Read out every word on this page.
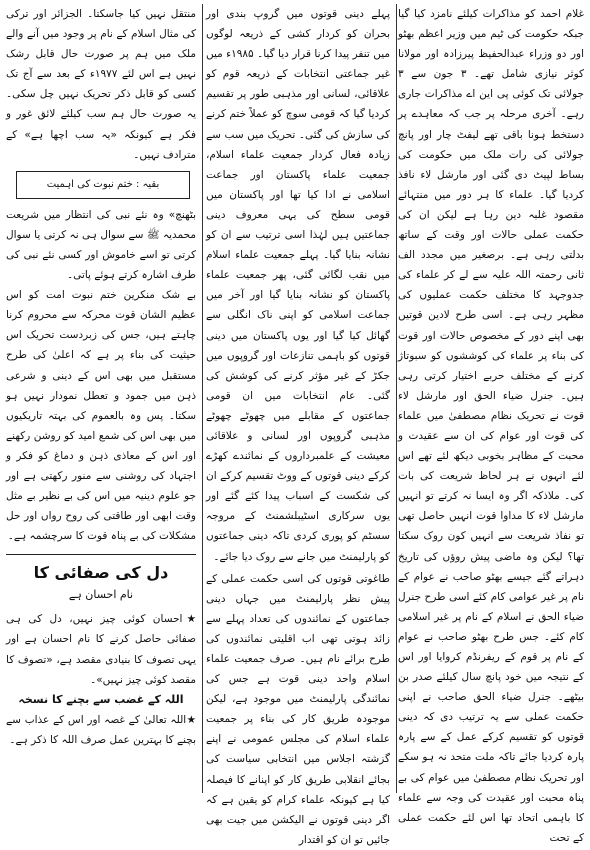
غلام احمد کو مذاکرات کیلئے نامزد کیا گیا جبکہ حکومت کی ٹیم میں وزیر اعظم بھٹو اور دو وزراء عبدالحفیظ پیرزادہ اور مولانا کوثر نیازی شامل تھے۔ ۳ جون سے ۳ جولائی تک کوئی پی این اے مذاکرات جاری رہے۔ آخری مرحلہ پر جب کہ معاہدے پر دستخط ہونا باقی تھے لیفٹ چار اور پانچ جولائی کی رات ملک میں حکومت کی بساط لپیٹ دی گئی اور مارشل لاء نافذ کردیا گیا۔ علماء کا ہر دور میں منتہائے مقصود غلبہ دین رہا ہے لیکن ان کی حکمت عملی حالات اور وقت کے ساتھ بدلتی رہی ہے۔ برصغیر میں مجدد الف ثانی رحمتہ اللہ علیہ سے لے کر علماء کی جدوجہد کا مختلف حکمت عملیوں کی مظہر رہی ہے۔ اسی طرح لادین قوتیں بھی اپنے دور کے مخصوص حالات اور قوت کی بناء پر علماء کی کوششوں کو سبوتاژ کرنے کے مختلف حربے اختیار کرتی رہی ہیں۔ جنرل ضیاء الحق اور مارشل لاء قوت نے تحریک نظام مصطفیٰ میں علماء کی قوت اور عوام کی ان سے عقیدت و محبت کے مظاہر بخوبی دیکھ لئے تھے اس لئے انہوں نے ہر لحاظ شریعت کی بات کی۔ ملاذکہ اگر وہ ایسا نہ کرتے تو انہیں مارشل لاء کا مداوا قوت انہیں حاصل تھی تو نفاذ شریعت سے انہیں کون روک سکتا تھا؟ لیکن وہ ماضی پیش روؤں کی تاریخ دہراتے گئے جیسے بھٹو صاحب نے عوام کے نام پر غیر عوامی کام کئے اسی طرح جنرل ضیاء الحق نے اسلام کے نام پر غیر اسلامی کام کئے۔ جس طرح بھٹو صاحب نے عوام کے نام پر قوم کے ریفرنڈم کروایا اور اس کے نتیجہ میں خود پانچ سال کیلئے صدر بن بیٹھے۔ جنرل ضیاء الحق صاحب نے اپنی حکمت عملی سے یہ ترتیب دی کہ دینی قوتوں کو تقسیم کرکے عمل کے سے پارہ پارہ کردیا جائے تاکہ ملت متحد نہ ہو سکے اور تحریک نظام مصطفیٰ میں عوام کی بے پناہ محبت اور عقیدت کی وجہ سے علماء کا باہمی اتحاد تھا اس لئے حکمت عملی کے تحت

پہلے دینی قوتوں میں گروپ بندی اور بحران کو کردار کشی کے ذریعہ لوگوں میں تنفر پیدا کرنا قرار دیا گیا۔ ۱۹۸۵ء میں غیر جماعتی انتخابات کے ذریعہ قوم کو علاقائی، لسانی اور مذہبی طور پر تقسیم کردیا گیا کہ قومی سوچ کو عملاً ختم کرنے کی سازش کی گئی۔ تحریک میں سب سے زیادہ فعال کردار جمعیت علماء اسلام، جمعیت علماء پاکستان اور جماعت اسلامی نے ادا کیا تھا اور پاکستان میں قومی سطح کی یہی معروف دینی جماعتیں ہیں لہٰذا اسی ترتیب سے ان کو نشانہ بنایا گیا۔ پہلے جمعیت علماء اسلام میں نقب لگائی گئی، پھر جمعیت علماء پاکستان کو نشانہ بنایا گیا اور آخر میں جماعت اسلامی کو اپنی ناک انگلی سے گھائل کیا گیا اور یوں پاکستان میں دینی قوتوں کو باہمی تنازعات اور گروپوں میں جکڑ کے غیر مؤثر کرنے کی کوشش کی گئی۔ عام انتخابات میں ان قومی جماعتوں کے مقابلے میں چھوٹے چھوٹے مذہبی گروپوں اور لسانی و علاقائی معیشت کے علمبرداروں کے نمائندے کھڑے کرکے دینی قوتوں کے ووٹ تقسیم کرکے ان کی شکست کے اسباب پیدا کئے گئے اور یوں سرکاری اسٹیبلشمنٹ کے مروجہ سسٹم کو پوری کردی تاکہ دینی جماعتوں کو پارلیمنٹ میں جانے سے روک دیا جائے۔

طاغوتی قوتوں کی اسی حکمت عملی کے پیش نظر پارلیمنٹ میں جہاں دینی جماعتوں کے نمائندوں کی تعداد پہلے سے زائد ہوتی تھی اب اقلیتی نمائندوں کی طرح برائے نام ہیں۔ صرف جمعیت علماء اسلام واحد دینی قوت ہے جس کی نمائندگی پارلیمنٹ میں موجود ہے، لیکن موجودہ طریق کار کی بناء پر جمعیت علماء اسلام کی مجلس عمومی نے اپنے گزشتہ اجلاس میں انتخابی سیاست کی بجائے انقلابی طریق کار کو اپنانے کا فیصلہ کیا ہے کیونکہ علماء کرام کو یقین ہے کہ اگر دینی قوتوں نے الیکشن میں جیت بھی جائیں تو ان کو اقتدار

منتقل نہیں کیا جاسکتا۔ الجزائر اور ترکی کی مثال اسلام کے نام پر وجود میں آنے والے ملک میں ہم پر صورت حال قابل رشک نہیں ہے اس لئے ۱۹۷۷ء کے بعد سے آج تک کسی کو قابل ذکر تحریک نہیں چل سکی۔ یہ صورت حال ہم سب کیلئے لائق غور و فکر ہے کیونکہ «یہ سب اچھا ہے» کے مترادف نہیں۔

بقیہ : ختم نبوت کی اہمیت

بٹھنچ» وہ نئے نبی کی انتظار میں شریعت محمدیہ ﷺ سے سوال ہی نہ کرتی یا سوال کرتی تو اسے خاموش اور کسی نئے نبی کی طرف اشارہ کرتے ہوئے پاتی۔

بے شک منکرین ختم نبوت امت کو اس عظیم الشان قوت محرکہ سے محروم کرنا چاہتے ہیں، جس کی زبردست تحریک اس حیثیت کی بناء پر ہے کہ اعلیٰ کی طرح مستقبل میں بھی اس کے دینی و شرعی ذہن میں جمود و تعطل نمودار نہیں ہو سکتا۔ پس وہ بالعموم کی بہتہ تاریکیوں میں بھی اس کی شمع امید کو روشن رکھنے اور اس کے معاذی ذہن و دماغ کو فکر و اجتہاد کی روشنی سے منور رکھتی ہے اور جو علوم دینیہ میں اس کی بے نظیر بے مثل وقت ابھی اور طاقتی کی روح رواں اور حل مشکلات کی بے پناہ قوت کا سرچشمہ ہے۔

دل کی صفائی کا
نام احسان ہے

★احسان کوئی چیز نہیں، دل کی ہی صفائی حاصل کرنے کا نام احسان ہے اور یہی تصوف کا بنیادی مقصد ہے، «تصوف کا مقصد کوئی چیز نہیں»۔

اللہ کے غضب سے بچنے کا نسخہ

★اللہ تعالیٰ کے غصہ اور اس کے عذاب سے بچنے کا بہترین عمل صرف اللہ کا ذکر ہے۔
